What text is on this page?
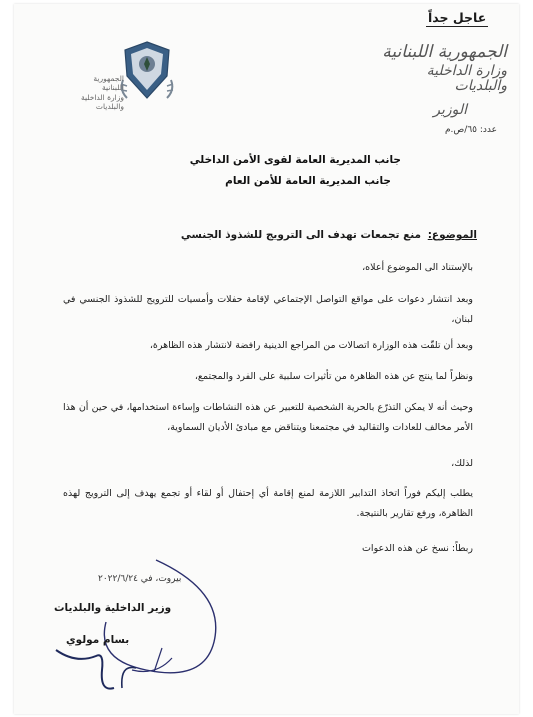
عاجل جداً
الجمهورية اللبنانية
وزارة الداخلية والبلديات
الوزير
عدد: ٦٥/ص.م
الجمهورية اللبنانية
وزارة الداخلية
والبلديات
جانب المديرية العامة لقوى الأمن الداخلي
جانب المديرية العامة للأمن العام
الموضوع: منع تجمعات تهدف الى الترويج للشذوذ الجنسي
بالإستناد الى الموضوع أعلاه،
وبعد انتشار دعوات على مواقع التواصل الإجتماعي لإقامة حفلات وأمسيات للترويج للشذوذ الجنسي في لبنان،
وبعد أن تلقّت هذه الوزارة اتصالات من المراجع الدينية رافضة لانتشار هذه الظاهرة،
ونظراً لما ينتج عن هذه الظاهرة من تأثيرات سلبية على الفرد والمجتمع،
وحيث أنه لا يمكن التذرّع بالحرية الشخصية للتعبير عن هذه النشاطات وإساءة استخدامها، في حين أن هذا الأمر مخالف للعادات والتقاليد في مجتمعنا ويتناقض مع مبادئ الأديان السماوية،
لذلك،
يطلب إليكم فوراً اتخاذ التدابير اللازمة لمنع إقامة أي إحتفال أو لقاء أو تجمع يهدف إلى الترويج لهذه الظاهرة، ورفع تقارير بالنتيجة.
ربطاً: نسخ عن هذه الدعوات
بيروت، في ٢٠٢٢/٦/٢٤
وزير الداخلية والبلديات
بسام مولوي
